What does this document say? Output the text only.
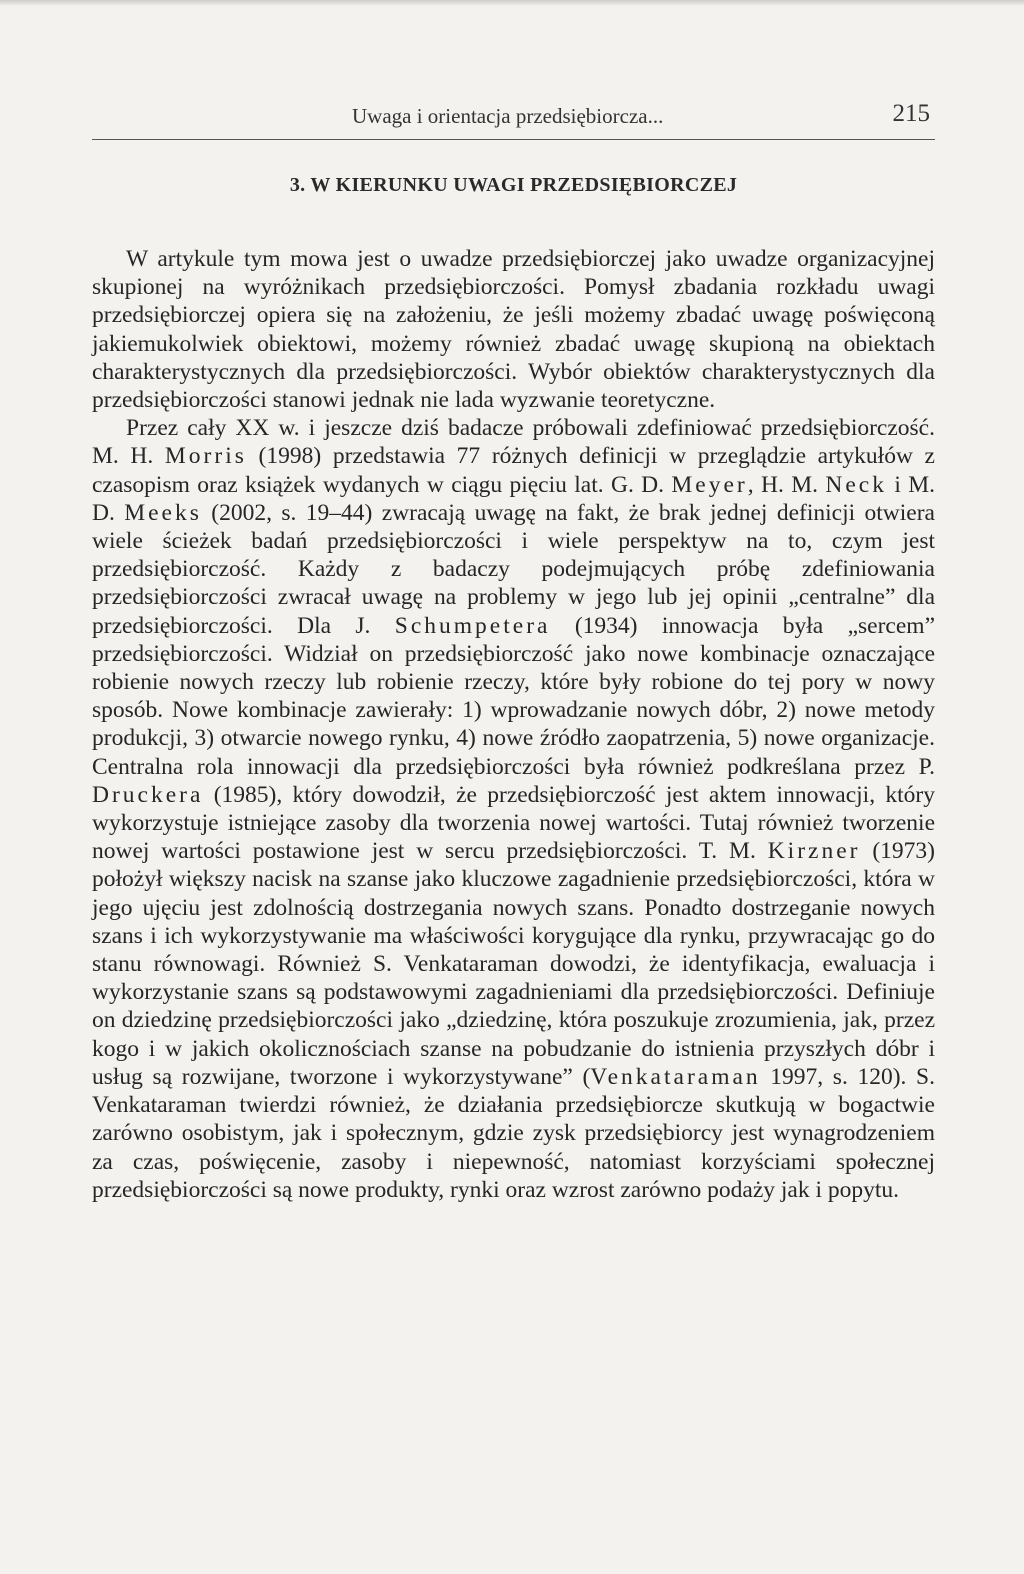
Uwaga i orientacja przedsiębiorcza...	215
3. W KIERUNKU UWAGI PRZEDSIĘBIORCZEJ

W artykule tym mowa jest o uwadze przedsiębiorczej jako uwadze organizacyjnej skupionej na wyróżnikach przedsiębiorczości. Pomysł zbadania rozkładu uwagi przedsiębiorczej opiera się na założeniu, że jeśli możemy zbadać uwagę poświęconą jakiemukolwiek obiektowi, możemy również zbadać uwagę skupioną na obiektach charakterystycznych dla przedsiębiorczości. Wybór obiektów charakterystycznych dla przedsiębiorczości stanowi jednak nie lada wyzwanie teoretyczne.

Przez cały XX w. i jeszcze dziś badacze próbowali zdefiniować przedsiębiorczość. M. H. Morris (1998) przedstawia 77 różnych definicji w przeglądzie artykułów z czasopism oraz książek wydanych w ciągu pięciu lat. G. D. Meyer, H. M. Neck i M. D. Meeks (2002, s. 19–44) zwracają uwagę na fakt, że brak jednej definicji otwiera wiele ścieżek badań przedsiębiorczości i wiele perspektyw na to, czym jest przedsiębiorczość. Każdy z badaczy podejmujących próbę zdefiniowania przedsiębiorczości zwracał uwagę na problemy w jego lub jej opinii „centralne” dla przedsiębiorczości. Dla J. Schumpetera (1934) innowacja była „sercem” przedsiębiorczości. Widział on przedsiębiorczość jako nowe kombinacje oznaczające robienie nowych rzeczy lub robienie rzeczy, które były robione do tej pory w nowy sposób. Nowe kombinacje zawierały: 1) wprowadzanie nowych dóbr, 2) nowe metody produkcji, 3) otwarcie nowego rynku, 4) nowe źródło zaopatrzenia, 5) nowe organizacje. Centralna rola innowacji dla przedsiębiorczości była również podkreślana przez P. Druckera (1985), który dowodził, że przedsiębiorczość jest aktem innowacji, który wykorzystuje istniejące zasoby dla tworzenia nowej wartości. Tutaj również tworzenie nowej wartości postawione jest w sercu przedsiębiorczości. T. M. Kirzner (1973) położył większy nacisk na szanse jako kluczowe zagadnienie przedsiębiorczości, która w jego ujęciu jest zdolnością dostrzegania nowych szans. Ponadto dostrzeganie nowych szans i ich wykorzystywanie ma właściwości korygujące dla rynku, przywracając go do stanu równowagi. Również S. Venkataraman dowodzi, że identyfikacja, ewaluacja i wykorzystanie szans są podstawowymi zagadnieniami dla przedsiębiorczości. Definiuje on dziedzinę przedsiębiorczości jako „dziedzinę, która poszukuje zrozumienia, jak, przez kogo i w jakich okolicznościach szanse na pobudzanie do istnienia przyszłych dóbr i usług są rozwijane, tworzone i wykorzystywane” (Venkataraman 1997, s. 120). S. Venkataraman twierdzi również, że działania przedsiębiorcze skutkują w bogactwie zarówno osobistym, jak i społecznym, gdzie zysk przedsiębiorcy jest wynagrodzeniem za czas, poświęcenie, zasoby i niepewność, natomiast korzyściami społecznej przedsiębiorczości są nowe produkty, rynki oraz wzrost zarówno podaży jak i popytu.
